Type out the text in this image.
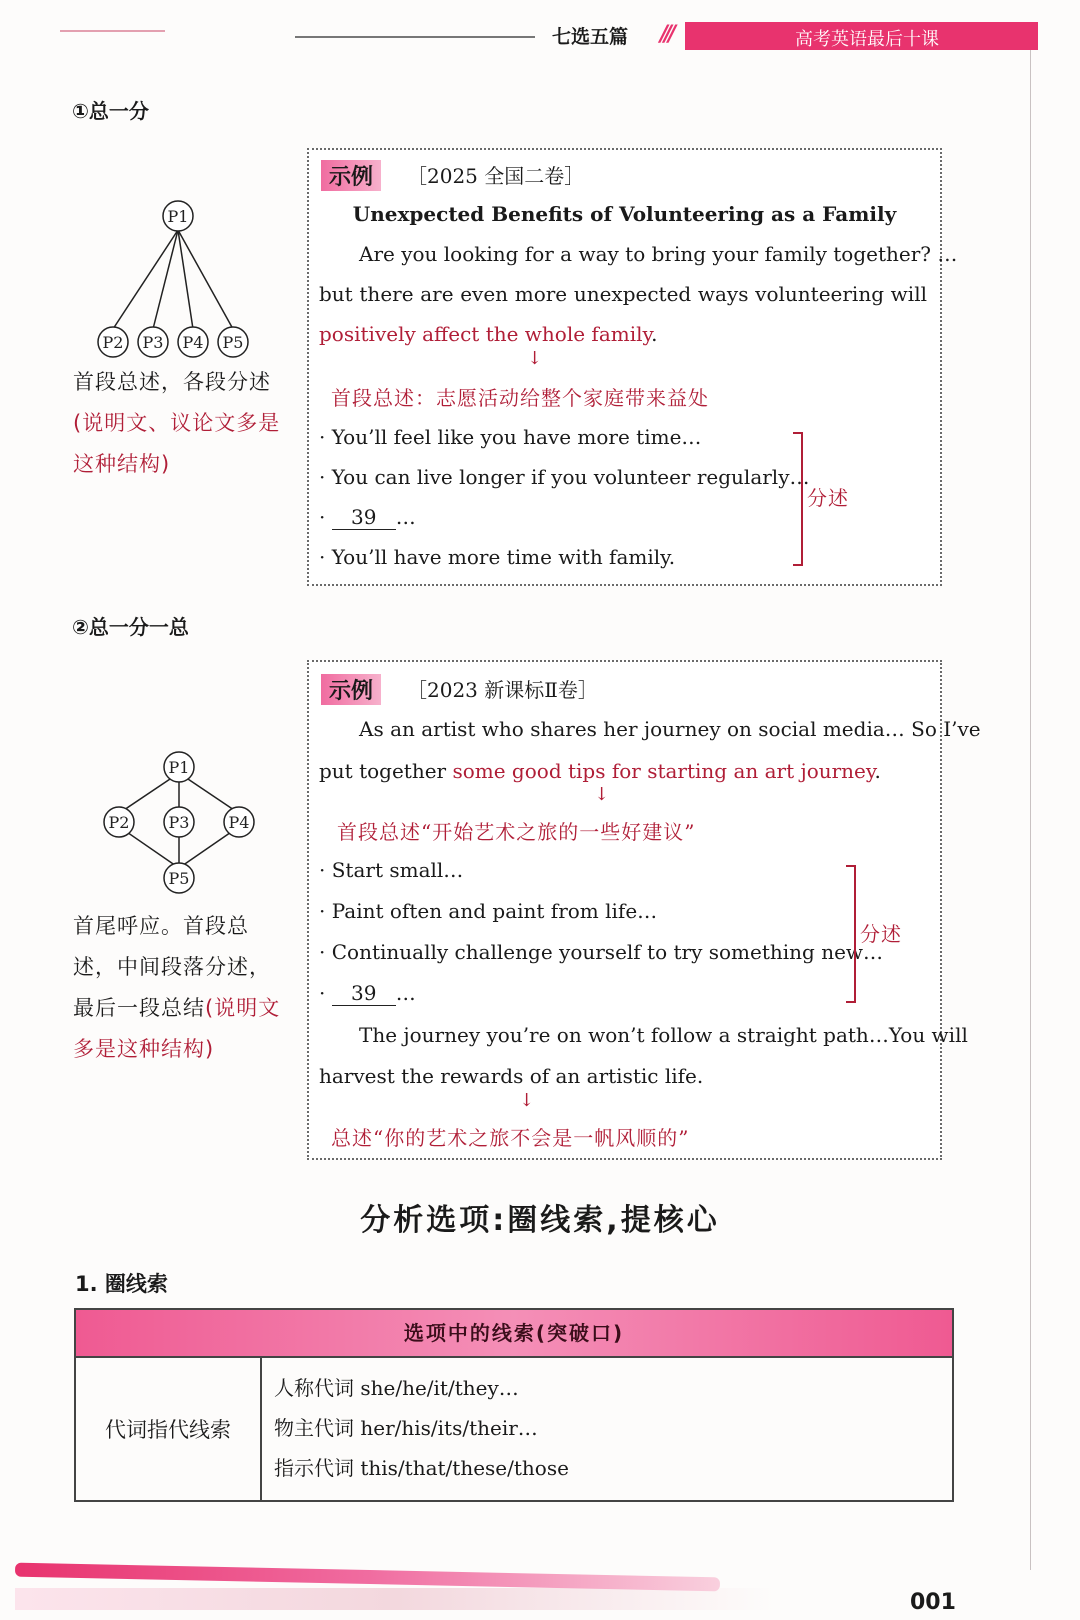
七选五篇 ///	高考英语最后十课
①总一分
P1
P2 P3 P4 P5
首段总述，各段分述(说明文、议论文多是这种结构)
示例	［2025 全国二卷］
Unexpected Benefits of Volunteering as a Family
Are you looking for a way to bring your family together? …
but there are even more unexpected ways volunteering will
positively affect the whole family.
↓
首段总述：志愿活动给整个家庭带来益处
· You’ll feel like you have more time…
· You can live longer if you volunteer regularly…
· 39 …
· You’ll have more time with family.
分述
②总一分一总
P1
P2 P3 P4
P5
首尾呼应。首段总述，中间段落分述，最后一段总结(说明文多是这种结构)
示例	［2023 新课标Ⅱ卷］
As an artist who shares her journey on social media… So I’ve
put together some good tips for starting an art journey.
↓
首段总述“开始艺术之旅的一些好建议”
· Start small…
· Paint often and paint from life…
· Continually challenge yourself to try something new…
· 39 …
分述
The journey you’re on won’t follow a straight path…You will
harvest the rewards of an artistic life.
↓
总述“你的艺术之旅不会是一帆风顺的”
分析选项:圈线索,提核心
1. 圈线索
选项中的线索(突破口)
代词指代线索
人称代词 she/he/it/they…
物主代词 her/his/its/their…
指示代词 this/that/these/those
001
